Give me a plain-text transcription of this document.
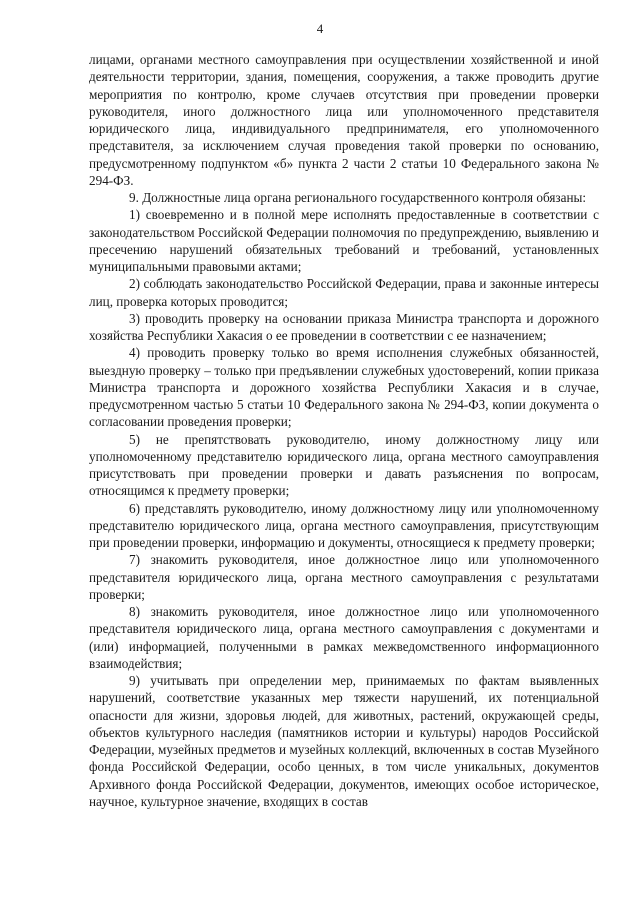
4

лицами, органами местного самоуправления при осуществлении хозяйственной и иной деятельности территории, здания, помещения, сооружения, а также проводить другие мероприятия по контролю, кроме случаев отсутствия при проведении проверки руководителя, иного должностного лица или уполномоченного представителя юридического лица, индивидуального предпринимателя, его уполномоченного представителя, за исключением случая проведения такой проверки по основанию, предусмотренному подпунктом «б» пункта 2 части 2 статьи 10 Федерального закона № 294-ФЗ.

9. Должностные лица органа регионального государственного контроля обязаны:

1) своевременно и в полной мере исполнять предоставленные в соответствии с законодательством Российской Федерации полномочия по предупреждению, выявлению и пресечению нарушений обязательных требований и требований, установленных муниципальными правовыми актами;

2) соблюдать законодательство Российской Федерации, права и законные интересы лиц, проверка которых проводится;

3) проводить проверку на основании приказа Министра транспорта и дорожного хозяйства Республики Хакасия о ее проведении в соответствии с ее назначением;

4) проводить проверку только во время исполнения служебных обязанностей, выездную проверку – только при предъявлении служебных удостоверений, копии приказа Министра транспорта и дорожного хозяйства Республики Хакасия и в случае, предусмотренном частью 5 статьи 10 Федерального закона № 294-ФЗ, копии документа о согласовании проведения проверки;

5) не препятствовать руководителю, иному должностному лицу или уполномоченному представителю юридического лица, органа местного самоуправления присутствовать при проведении проверки и давать разъяснения по вопросам, относящимся к предмету проверки;

6) представлять руководителю, иному должностному лицу или уполномоченному представителю юридического лица, органа местного самоуправления, присутствующим при проведении проверки, информацию и документы, относящиеся к предмету проверки;

7) знакомить руководителя, иное должностное лицо или уполномоченного представителя юридического лица, органа местного самоуправления с результатами проверки;

8) знакомить руководителя, иное должностное лицо или уполномоченного представителя юридического лица, органа местного самоуправления с документами и (или) информацией, полученными в рамках межведомственного информационного взаимодействия;

9) учитывать при определении мер, принимаемых по фактам выявленных нарушений, соответствие указанных мер тяжести нарушений, их потенциальной опасности для жизни, здоровья людей, для животных, растений, окружающей среды, объектов культурного наследия (памятников истории и культуры) народов Российской Федерации, музейных предметов и музейных коллекций, включенных в состав Музейного фонда Российской Федерации, особо ценных, в том числе уникальных, документов Архивного фонда Российской Федерации, документов, имеющих особое историческое, научное, культурное значение, входящих в состав
